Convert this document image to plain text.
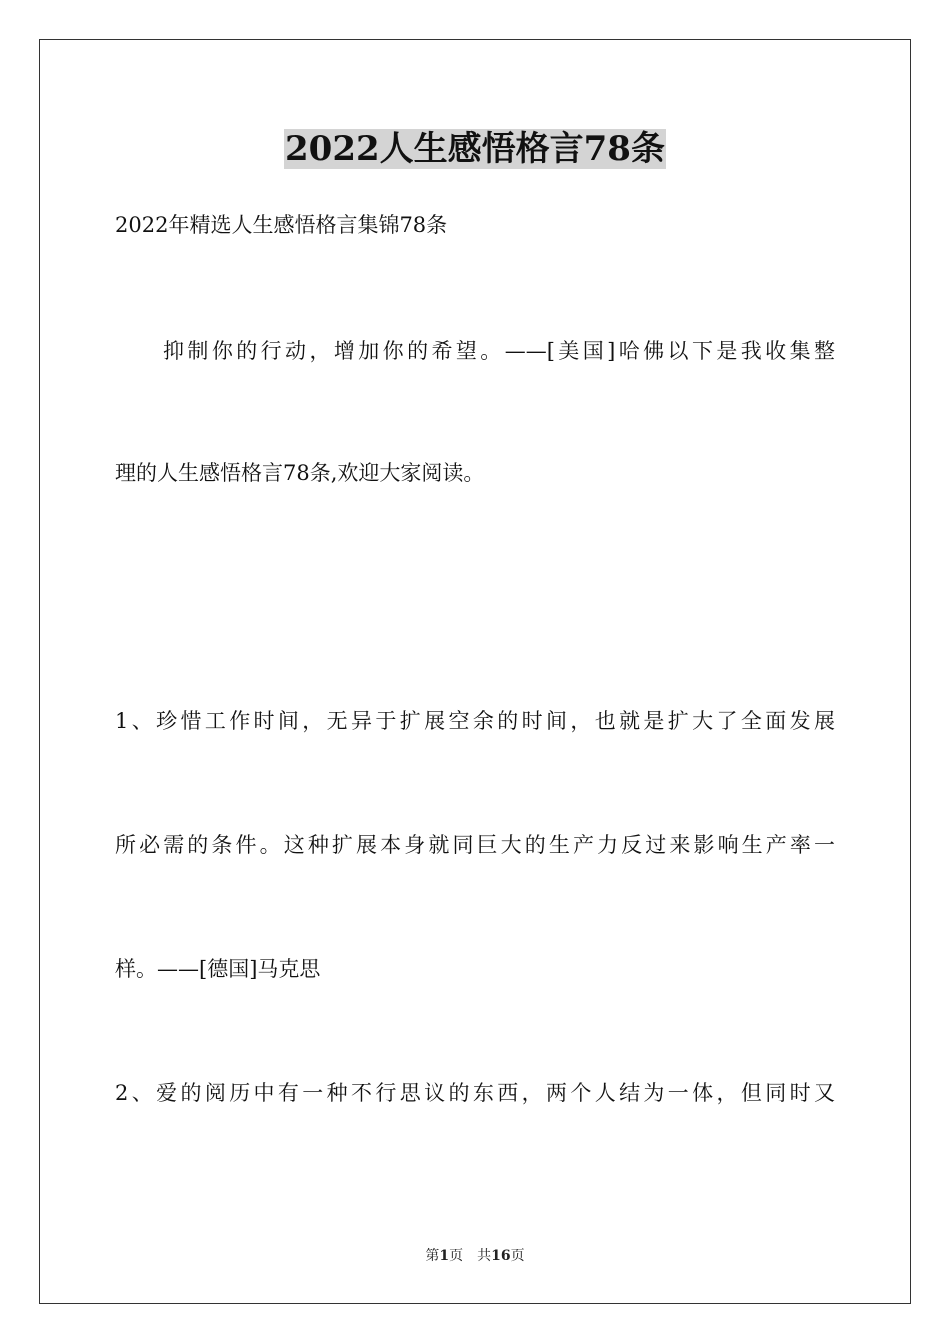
2022人生感悟格言78条

2022年精选人生感悟格言集锦78条

抑制你的行动，增加你的希望。——[美国]哈佛以下是我收集整

理的人生感悟格言78条,欢迎大家阅读。

1、珍惜工作时间，无异于扩展空余的时间，也就是扩大了全面发展

所必需的条件。这种扩展本身就同巨大的生产力反过来影响生产率一

样。——[德国]马克思

2、爱的阅历中有一种不行思议的东西，两个人结为一体，但同时又

第1页 共16页
